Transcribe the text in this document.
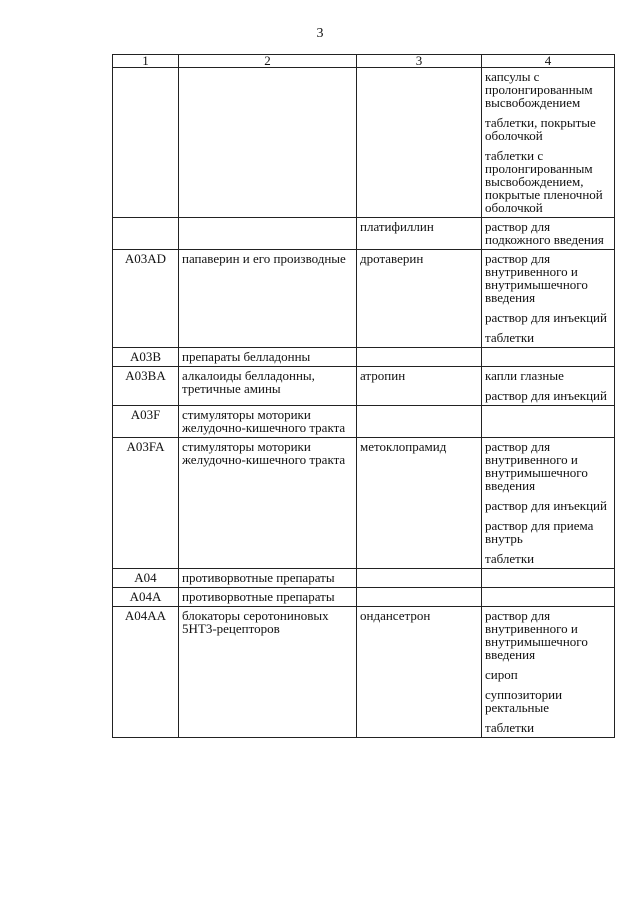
3
1	2	3	4

			капсулы с пролонгированным высвобождением
таблетки, покрытые оболочкой
таблетки с пролонгированным высвобождением, покрытые пленочной оболочкой

		платифиллин	раствор для подкожного введения

A03AD	папаверин и его производные	дротаверин	раствор для внутривенного и внутримышечного введения
раствор для инъекций
таблетки

A03B	препараты белладонны		
A03BA	алкалоиды белладонны, третичные амины	атропин	капли глазные
раствор для инъекций

A03F	стимуляторы моторики желудочно-кишечного тракта		
A03FA	стимуляторы моторики желудочно-кишечного тракта	метоклопрамид	раствор для внутривенного и внутримышечного введения
раствор для инъекций
раствор для приема внутрь
таблетки

A04	противорвотные препараты		
A04A	противорвотные препараты		
A04AA	блокаторы серотониновых 5HT3-рецепторов	ондансетрон	раствор для внутривенного и внутримышечного введения
сироп
суппозитории ректальные
таблетки
